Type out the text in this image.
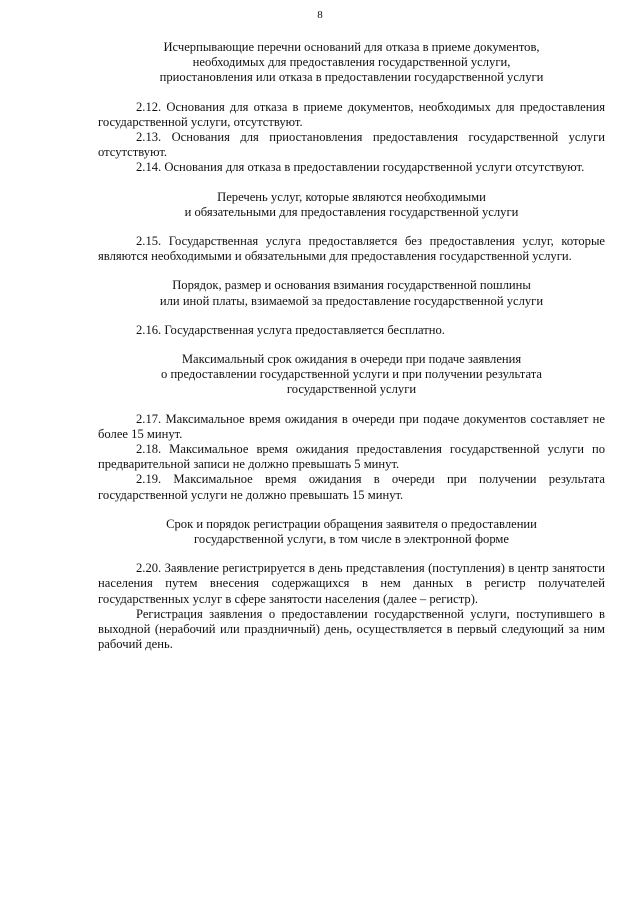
8
Исчерпывающие перечни оснований для отказа в приеме документов,
необходимых для предоставления государственной услуги,
приостановления или отказа в предоставлении государственной услуги

2.12. Основания для отказа в приеме документов, необходимых для предоставления государственной услуги, отсутствуют.

2.13. Основания для приостановления предоставления государственной услуги отсутствуют.

2.14. Основания для отказа в предоставлении государственной услуги отсутствуют.

Перечень услуг, которые являются необходимыми
и обязательными для предоставления государственной услуги

2.15. Государственная услуга предоставляется без предоставления услуг, которые являются необходимыми и обязательными для предоставления государственной услуги.

Порядок, размер и основания взимания государственной пошлины
или иной платы, взимаемой за предоставление государственной услуги

2.16. Государственная услуга предоставляется бесплатно.

Максимальный срок ожидания в очереди при подаче заявления
о предоставлении государственной услуги и при получении результата
государственной услуги

2.17. Максимальное время ожидания в очереди при подаче документов составляет не более 15 минут.

2.18. Максимальное время ожидания предоставления государственной услуги по предварительной записи не должно превышать 5 минут.

2.19. Максимальное время ожидания в очереди при получении результата государственной услуги не должно превышать 15 минут.

Срок и порядок регистрации обращения заявителя о предоставлении
государственной услуги, в том числе в электронной форме

2.20. Заявление регистрируется в день представления (поступления) в центр занятости населения путем внесения содержащихся в нем данных в регистр получателей государственных услуг в сфере занятости населения (далее – регистр).

Регистрация заявления о предоставлении государственной услуги, поступившего в выходной (нерабочий или праздничный) день, осуществляется в первый следующий за ним рабочий день.
